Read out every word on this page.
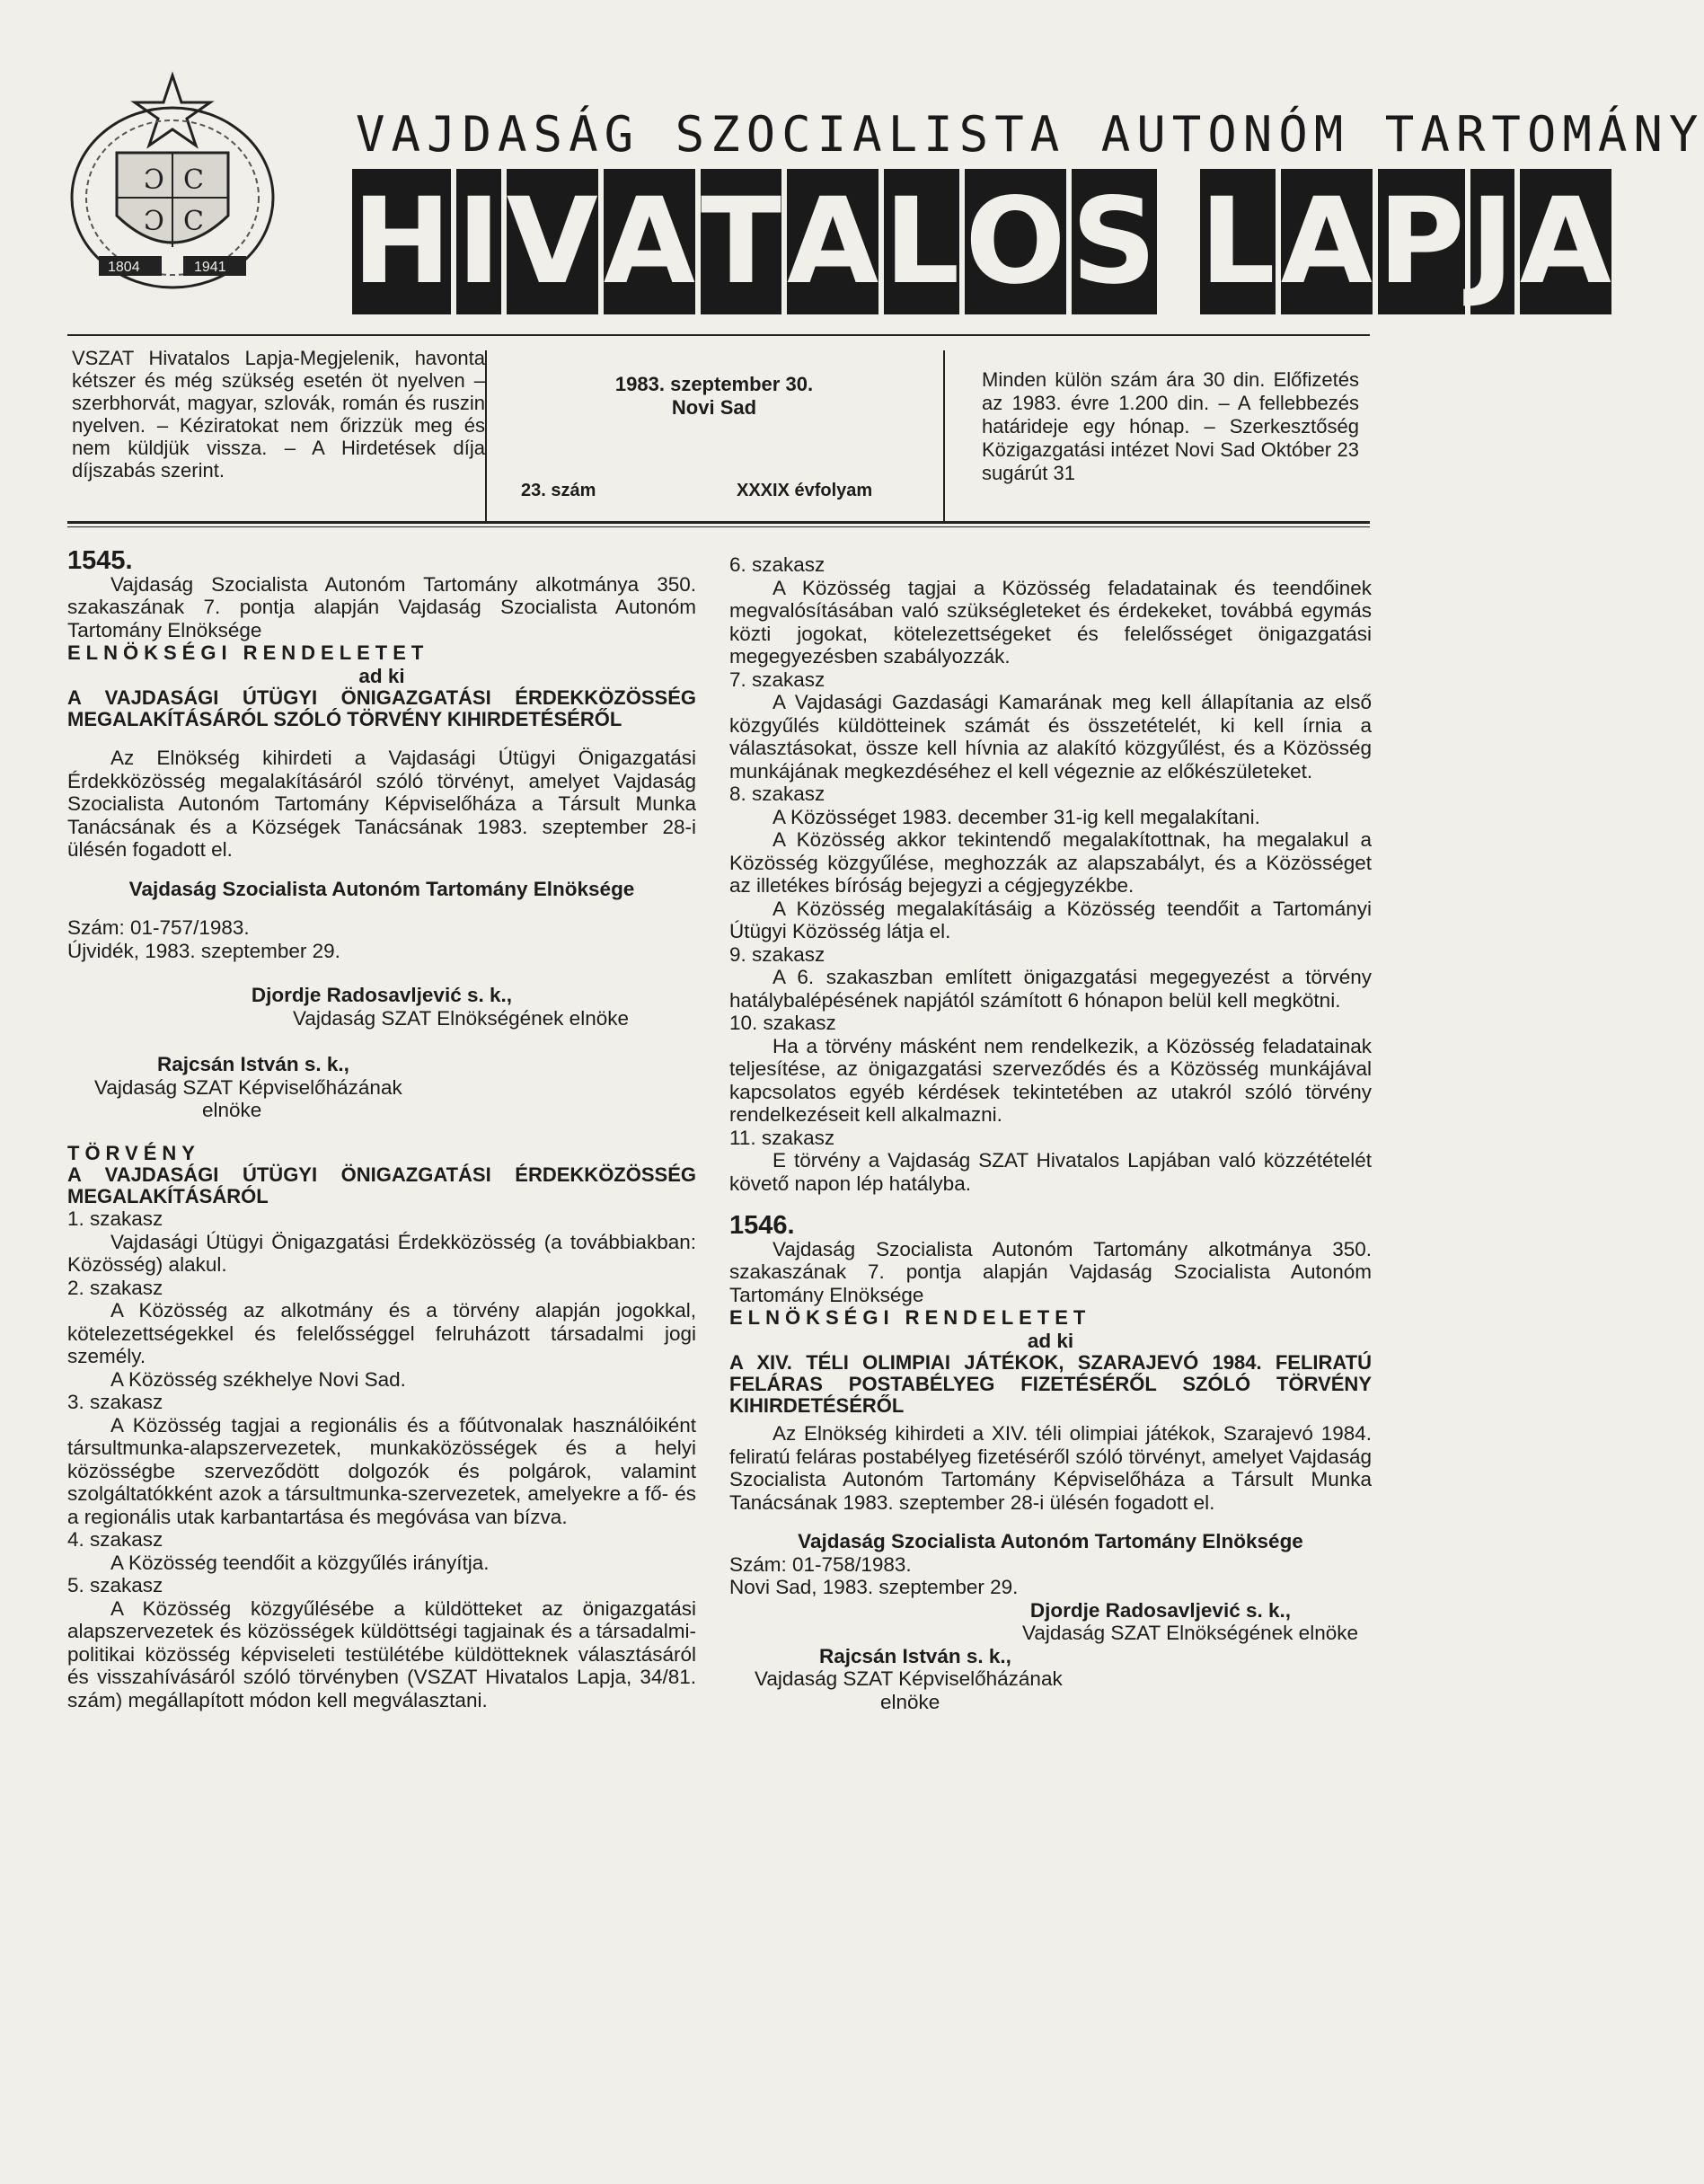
Ɔ C
Ɔ C
1804	1941
VAJDASÁG SZOCIALISTA AUTONÓM TARTOMÁNY
H I V A T A L O S L A P J A
VSZAT Hivatalos Lapja-Megjelenik, havonta kétszer és még szükség esetén öt nyelven – szerbhorvát, magyar, szlovák, román és ruszin nyelven. – Kéziratokat nem őrizzük meg és nem küldjük vissza. – A Hirdetések díja díjszabás szerint.
1983. szeptember 30.
Novi Sad
23. szám	XXXIX évfolyam
Minden külön szám ára 30 din. Előfizetés az 1983. évre 1.200 din. – A fellebbezés határideje egy hónap. – Szerkesztőség Közigazgatási intézet Novi Sad Október 23 sugárút 31

1545.

Vajdaság Szocialista Autonóm Tartomány alkotmánya 350. szakaszának 7. pontja alapján Vajdaság Szocialista Autonóm Tartomány Elnöksége

ELNÖKSÉGI RENDELETET

ad ki

A VAJDASÁGI ÚTÜGYI ÖNIGAZGATÁSI ÉRDEKKÖZÖSSÉG MEGALAKÍTÁSÁRÓL SZÓLÓ TÖRVÉNY KIHIRDETÉSÉRŐL

Az Elnökség kihirdeti a Vajdasági Útügyi Önigazgatási Érdekközösség megalakításáról szóló törvényt, amelyet Vajdaság Szocialista Autonóm Tartomány Képviselőháza a Társult Munka Tanácsának és a Községek Tanácsának 1983. szeptember 28-i ülésén fogadott el.

Vajdaság Szocialista Autonóm Tartomány Elnöksége

Szám: 01-757/1983.

Újvidék, 1983. szeptember 29.

Djordje Radosavljević s. k.,

Vajdaság SZAT Elnökségének elnöke

Rajcsán István s. k.,

Vajdaság SZAT Képviselőházának

elnöke

TÖRVÉNY

A VAJDASÁGI ÚTÜGYI ÖNIGAZGATÁSI ÉRDEKKÖZÖSSÉG MEGALAKÍTÁSÁRÓL

1. szakasz

Vajdasági Útügyi Önigazgatási Érdekközösség (a továbbiakban: Közösség) alakul.

2. szakasz

A Közösség az alkotmány és a törvény alapján jogokkal, kötelezettségekkel és felelősséggel felruházott társadalmi jogi személy.

A Közösség székhelye Novi Sad.

3. szakasz

A Közösség tagjai a regionális és a főútvonalak használóiként társultmunka-alapszervezetek, munkaközösségek és a helyi közösségbe szerveződött dolgozók és polgárok, valamint szolgáltatókként azok a társultmunka-szervezetek, amelyekre a fő- és a regionális utak karbantartása és megóvása van bízva.

4. szakasz

A Közösség teendőit a közgyűlés irányítja.

5. szakasz

A Közösség közgyűlésébe a küldötteket az önigazgatási alapszervezetek és közösségek küldöttségi tagjainak és a társadalmi-politikai közösség képviseleti testülétébe küldötteknek választásáról és visszahívásáról szóló törvényben (VSZAT Hivatalos Lapja, 34/81. szám) megállapított módon kell megválasztani.

6. szakasz

A Közösség tagjai a Közösség feladatainak és teendőinek megvalósításában való szükségleteket és érdekeket, továbbá egymás közti jogokat, kötelezettségeket és felelősséget önigazgatási megegyezésben szabályozzák.

7. szakasz

A Vajdasági Gazdasági Kamarának meg kell állapítania az első közgyűlés küldötteinek számát és összetételét, ki kell írnia a választásokat, össze kell hívnia az alakító közgyűlést, és a Közösség munkájának megkezdéséhez el kell végeznie az előkészületeket.

8. szakasz

A Közösséget 1983. december 31-ig kell megalakítani.

A Közösség akkor tekintendő megalakítottnak, ha megalakul a Közösség közgyűlése, meghozzák az alapszabályt, és a Közösséget az illetékes bíróság bejegyzi a cégjegyzékbe.

A Közösség megalakításáig a Közösség teendőit a Tartományi Útügyi Közösség látja el.

9. szakasz

A 6. szakaszban említett önigazgatási megegyezést a törvény hatálybalépésének napjától számított 6 hónapon belül kell megkötni.

10. szakasz

Ha a törvény másként nem rendelkezik, a Közösség feladatainak teljesítése, az önigazgatási szerveződés és a Közösség munkájával kapcsolatos egyéb kérdések tekintetében az utakról szóló törvény rendelkezéseit kell alkalmazni.

11. szakasz

E törvény a Vajdaság SZAT Hivatalos Lapjában való közzétételét követő napon lép hatályba.

1546.

Vajdaság Szocialista Autonóm Tartomány alkotmánya 350. szakaszának 7. pontja alapján Vajdaság Szocialista Autonóm Tartomány Elnöksége

ELNÖKSÉGI RENDELETET

ad ki

A XIV. TÉLI OLIMPIAI JÁTÉKOK, SZARAJEVÓ 1984. FELIRATÚ FELÁRAS POSTABÉLYEG FIZETÉSÉRŐL SZÓLÓ TÖRVÉNY KIHIRDETÉSÉRŐL

Az Elnökség kihirdeti a XIV. téli olimpiai játékok, Szarajevó 1984. feliratú feláras postabélyeg fizetéséről szóló törvényt, amelyet Vajdaság Szocialista Autonóm Tartomány Képviselőháza a Társult Munka Tanácsának 1983. szeptember 28-i ülésén fogadott el.

Vajdaság Szocialista Autonóm Tartomány Elnöksége

Szám: 01-758/1983.

Novi Sad, 1983. szeptember 29.

Djordje Radosavljević s. k.,

Vajdaság SZAT Elnökségének elnöke

Rajcsán István s. k.,

Vajdaság SZAT Képviselőházának

elnöke
